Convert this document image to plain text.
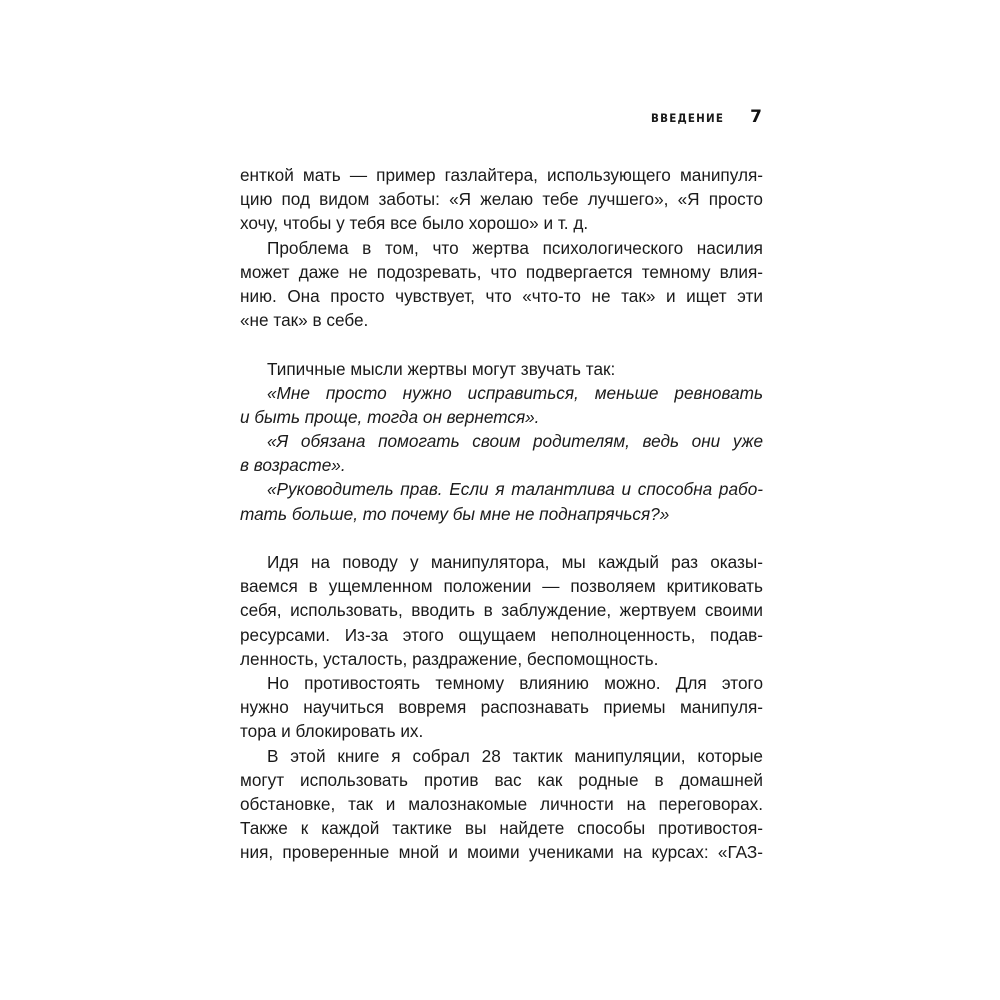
ВВЕДЕНИЕ 7
енткой мать — пример газлайтера, использующего манипуля-
цию под видом заботы: «Я желаю тебе лучшего», «Я просто
хочу, чтобы у тебя все было хорошо» и т. д.
Проблема в том, что жертва психологического насилия
может даже не подозревать, что подвергается темному влия-
нию. Она просто чувствует, что «что-то не так» и ищет эти
«не так» в себе.
Типичные мысли жертвы могут звучать так:
«Мне просто нужно исправиться, меньше ревновать
и быть проще, тогда он вернется».
«Я обязана помогать своим родителям, ведь они уже
в возрасте».
«Руководитель прав. Если я талантлива и способна рабо-
тать больше, то почему бы мне не поднапрячься?»
Идя на поводу у манипулятора, мы каждый раз оказы-
ваемся в ущемленном положении — позволяем критиковать
себя, использовать, вводить в заблуждение, жертвуем своими
ресурсами. Из-за этого ощущаем неполноценность, подав-
ленность, усталость, раздражение, беспомощность.
Но противостоять темному влиянию можно. Для этого
нужно научиться вовремя распознавать приемы манипуля-
тора и блокировать их.
В этой книге я собрал 28 тактик манипуляции, которые
могут использовать против вас как родные в домашней
обстановке, так и малознакомые личности на переговорах.
Также к каждой тактике вы найдете способы противостоя-
ния, проверенные мной и моими учениками на курсах: «ГАЗ-
